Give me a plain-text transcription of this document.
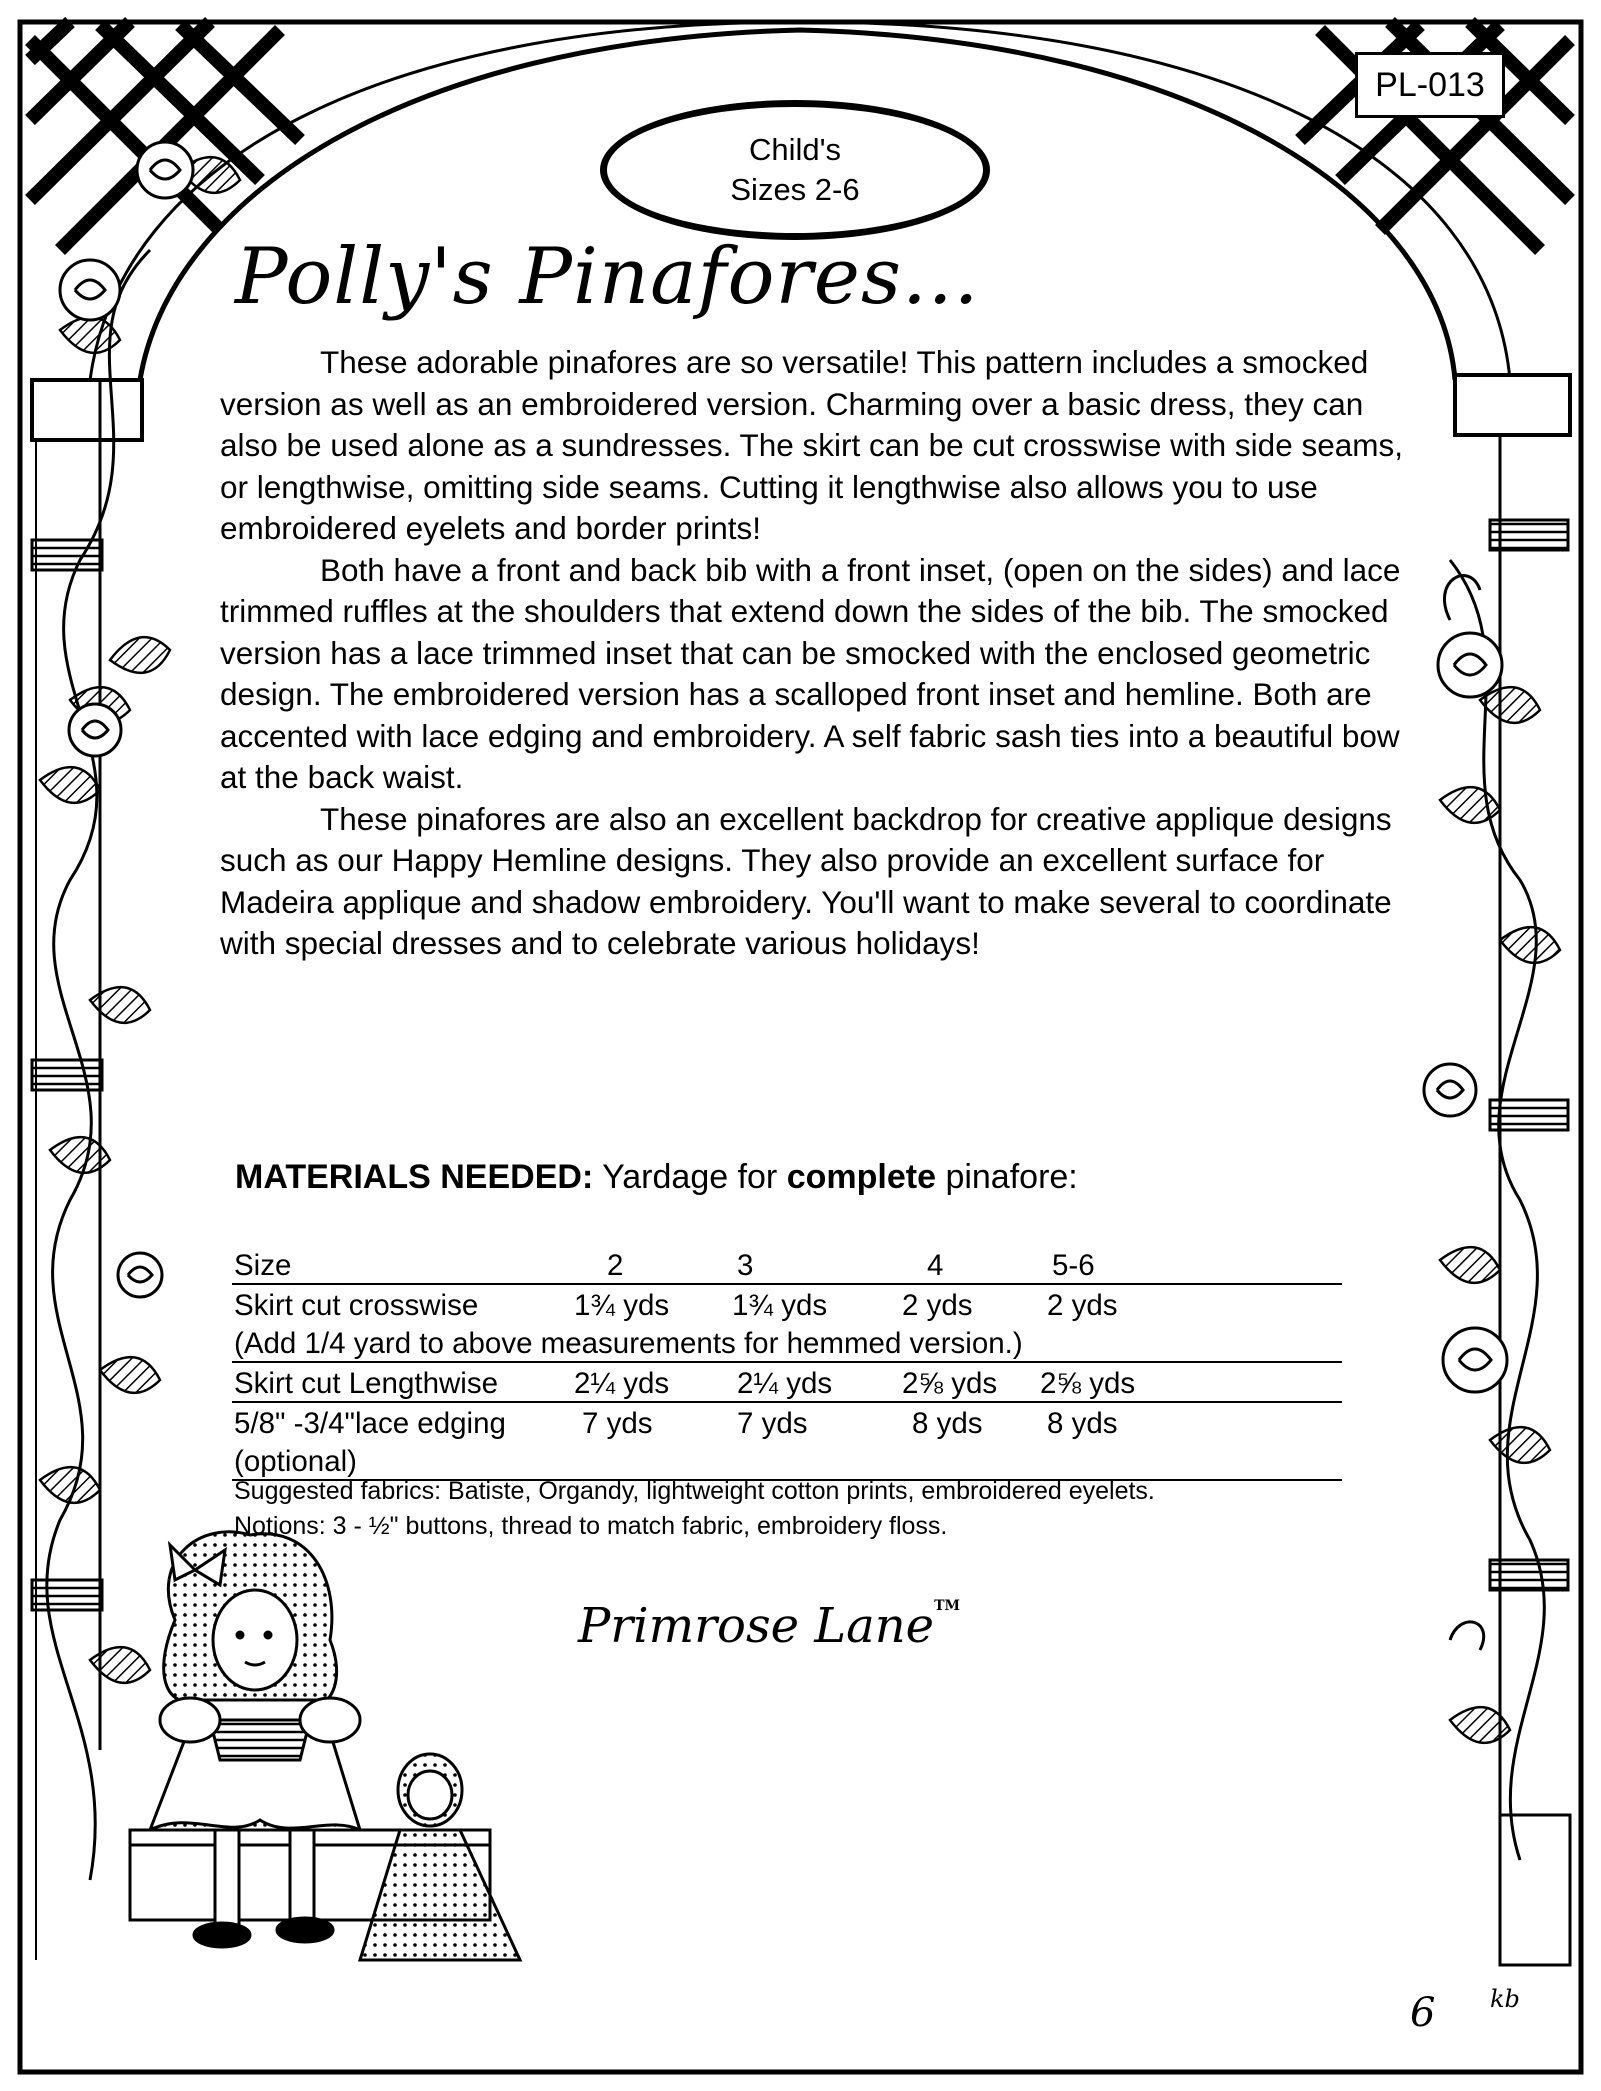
PL-013
Child's
Sizes 2-6
Polly's Pinafores...

These adorable pinafores are so versatile! This pattern includes a smocked version as well as an embroidered version. Charming over a basic dress, they can also be used alone as a sundresses. The skirt can be cut crosswise with side seams, or lengthwise, omitting side seams. Cutting it lengthwise also allows you to use embroidered eyelets and border prints!

Both have a front and back bib with a front inset, (open on the sides) and lace trimmed ruffles at the shoulders that extend down the sides of the bib. The smocked version has a lace trimmed inset that can be smocked with the enclosed geometric design. The embroidered version has a scalloped front inset and hemline. Both are accented with lace edging and embroidery. A self fabric sash ties into a beautiful bow at the back waist.

These pinafores are also an excellent backdrop for creative applique designs such as our Happy Hemline designs. They also provide an excellent surface for Madeira applique and shadow embroidery. You'll want to make several to coordinate with special dresses and to celebrate various holidays!

MATERIALS NEEDED: Yardage for complete pinafore:
Size	2	3	4	5-6
Skirt cut crosswise	1¾ yds 1¾ yds	2 yds	2 yds
(Add 1/4 yard to above measurements for hemmed version.)
Skirt cut Lengthwise	2¼ yds 2¼ yds 2⅝ yds 2⅝ yds
5/8" -3/4"lace edging	7 yds	7 yds	8 yds 8 yds
(optional)
Suggested fabrics: Batiste, Organdy, lightweight cotton prints, embroidered eyelets.
Notions: 3 - ½" buttons, thread to match fabric, embroidery floss.
Primrose Lane™
6 kb
